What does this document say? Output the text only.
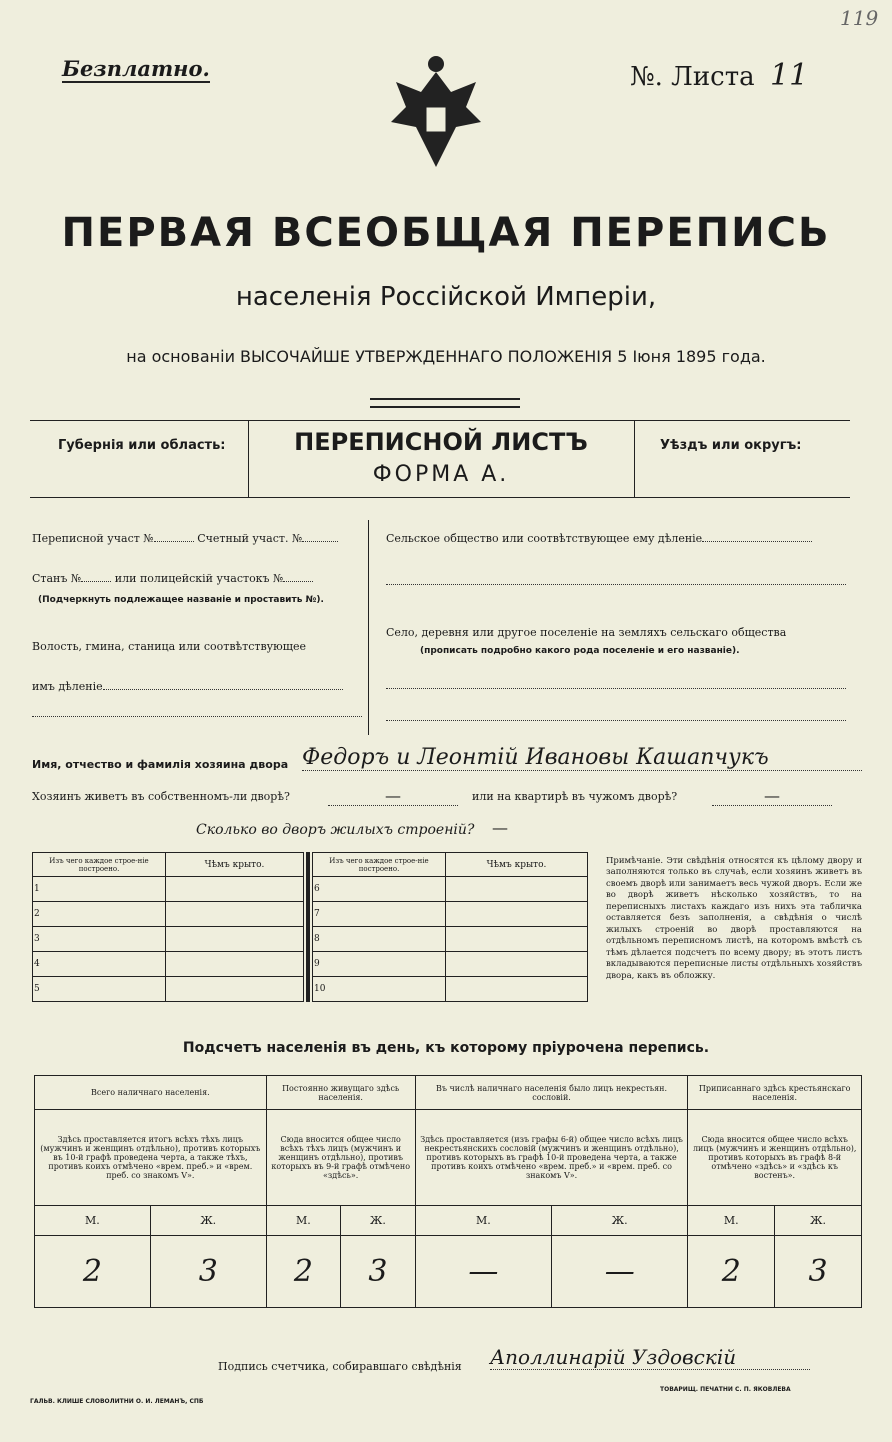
Безплатно.
119
№. Листа 11
ПЕРВАЯ ВСЕОБЩАЯ ПЕРЕПИСЬ
населенія Россійской Имперіи,
на основаніи ВЫСОЧАЙШЕ УТВЕРЖДЕННАГО ПОЛОЖЕНІЯ 5 Іюня 1895 года.
Губернія или область:	Уѣздъ или округъ:
ПЕРЕПИСНОЙ ЛИСТЪ
ФОРМА А.
Переписной участ №	Счетный участ. №
Станъ №	или полицейскій участокъ №
(Подчеркнуть подлежащее названіе и проставить №).
Волость, гмина, станица или соотвѣтствующее
имъ дѣленіе
Сельское общество или соотвѣтствующее ему дѣленіе
Село, деревня или другое поселеніе на земляхъ сельскаго общества
(прописать подробно какого рода поселеніе и его названіе).
Имя, отчество и фамилія хозяина двора Федоръ и Леонтiй Ивановы Кашапчукъ
Хозяинъ живетъ въ собственномъ-ли дворѣ?	—	или на квартирѣ въ чужомъ дворѣ?	—
Сколько во дворъ жилыхъ строеній?	—
Изъ чего каждое строе-ніе построено.	Чѣмъ крыто.
1	
2	
3	
4	
5	
Изъ чего каждое строе-ніе построено.	Чѣмъ крыто.
6	
7	
8	
9	
10	
Примѣчаніе. Эти свѣдѣнія относятся къ цѣлому двору и заполняются только въ случаѣ, если хозяинъ живетъ въ своемъ дворѣ или занимаетъ весь чужой дворъ. Если же во дворѣ живетъ нѣсколько хозяйствъ, то на переписныхъ листахъ каждаго изъ нихъ эта табличка оставляется безъ заполненія, а свѣдѣнія о числѣ жилыхъ строеній во дворѣ проставляются на отдѣльномъ переписномъ листѣ, на которомъ вмѣстѣ съ тѣмъ дѣлается подсчетъ по всему двору; въ этотъ листъ вкладываются переписные листы отдѣльныхъ хозяйствъ двора, какъ въ обложку.
Подсчетъ населенія въ день, къ которому пріурочена перепись.
Всего наличнаго населенія.		Постоянно живущаго здѣсь населенія.		Въ числѣ наличнаго населенія было лицъ некрестьян. сословій.		Приписаннаго здѣсь крестьянскаго населенія.	
Здѣсь проставляется итогъ всѣхъ тѣхъ лицъ (мужчинъ и женщинъ отдѣльно), противъ которыхъ въ 10-й графѣ проведена черта, а также тѣхъ, противъ коихъ отмѣчено «врем. преб.» и «врем. преб. со знакомъ V».		Сюда вносится общее число всѣхъ тѣхъ лицъ (мужчинъ и женщинъ отдѣльно), противъ которыхъ въ 9-й графѣ отмѣчено «здѣсь».		Здѣсь проставляется (изъ графы 6-й) общее число всѣхъ лицъ некрестьянскихъ сословій (мужчинъ и женщинъ отдѣльно), противъ которыхъ въ графѣ 10-й проведена черта, а также противъ коихъ отмѣчено «врем. преб.» и «врем. преб. со знакомъ V».		Сюда вносится общее число всѣхъ лицъ (мужчинъ и женщинъ отдѣльно), противъ которыхъ въ графѣ 8-й отмѣчено «здѣсь» и «здѣсь къ востенъ».	
М.	Ж.	М.	Ж.	М.	Ж.	М.	Ж.
2	3	2	3	—	—	2	3
Подпись счетчика, собиравшаго свѣдѣнія Аполлинарiй Уздовскiй
ГАЛЬВ. КЛИШЕ СЛОВОЛИТНИ О. И. ЛЕМАНЪ, СПБ
ТОВАРИЩ. ПЕЧАТНИ С. П. ЯКОВЛЕВА
